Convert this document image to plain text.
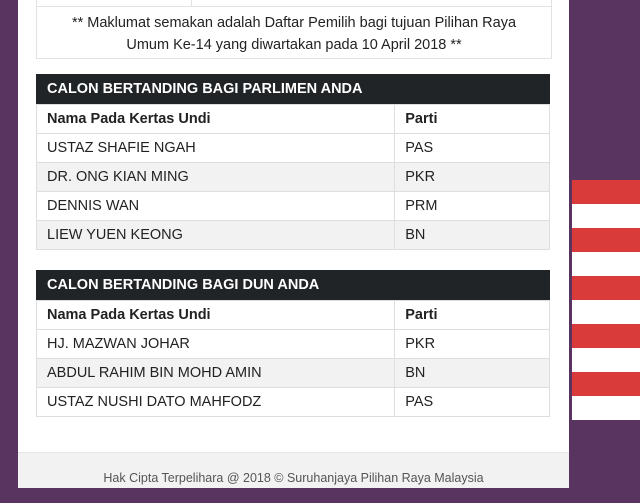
** Maklumat semakan adalah Daftar Pemilih bagi tujuan Pilihan Raya
Umum Ke-14 yang diwartakan pada 10 April 2018 **
CALON BERTANDING BAGI PARLIMEN ANDA
Nama Pada Kertas Undi	Parti
USTAZ SHAFIE NGAH	PAS
DR. ONG KIAN MING	PKR
DENNIS WAN	PRM
LIEW YUEN KEONG	BN
CALON BERTANDING BAGI DUN ANDA
Nama Pada Kertas Undi	Parti
HJ. MAZWAN JOHAR	PKR
ABDUL RAHIM BIN MOHD AMIN	BN
USTAZ NUSHI DATO MAHFODZ	PAS
Hak Cipta Terpelihara @ 2018 © Suruhanjaya Pilihan Raya Malaysia
